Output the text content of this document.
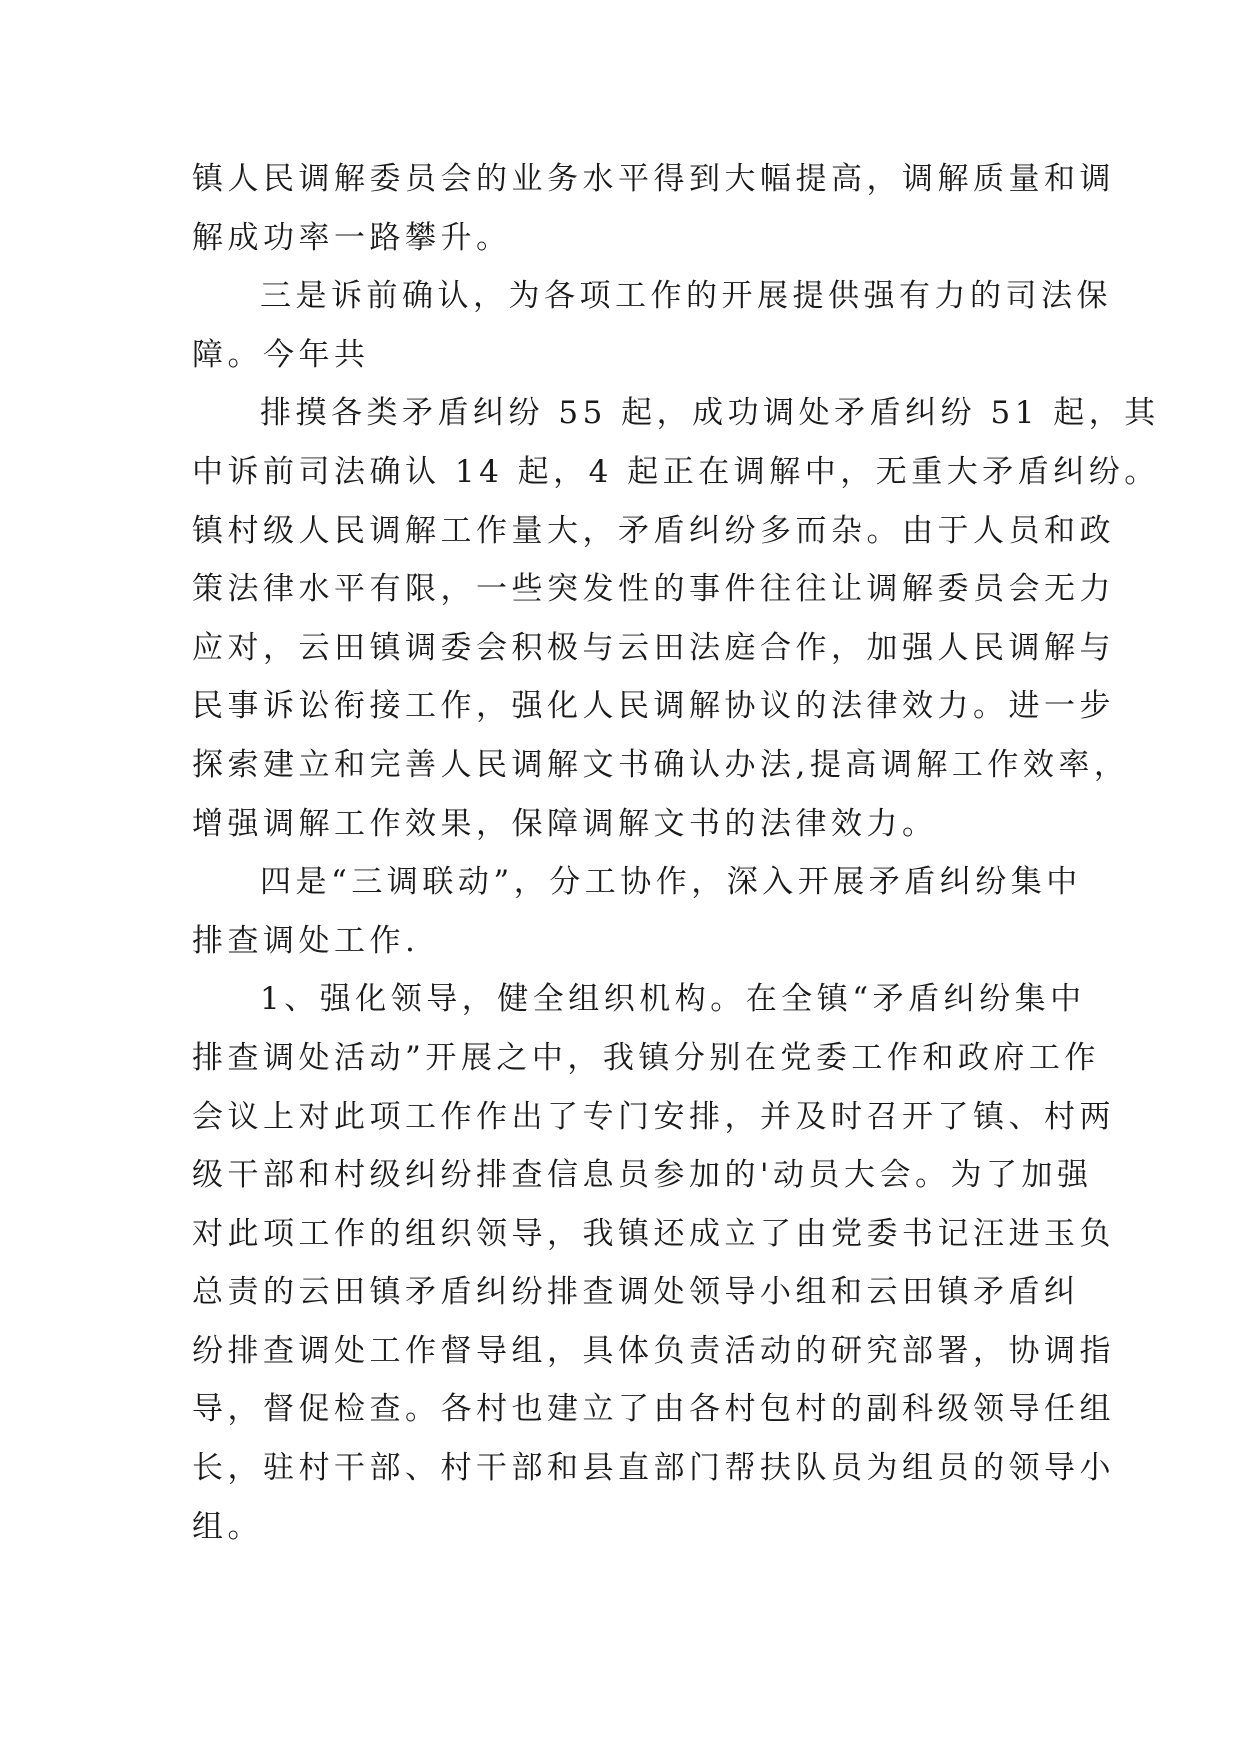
镇人民调解委员会的业务水平得到大幅提高，调解质量和调
解成功率一路攀升。
三是诉前确认，为各项工作的开展提供强有力的司法保
障。今年共
排摸各类矛盾纠纷 55 起，成功调处矛盾纠纷 51 起，其
中诉前司法确认 14 起，4 起正在调解中，无重大矛盾纠纷。
镇村级人民调解工作量大，矛盾纠纷多而杂。由于人员和政
策法律水平有限，一些突发性的事件往往让调解委员会无力
应对，云田镇调委会积极与云田法庭合作，加强人民调解与
民事诉讼衔接工作，强化人民调解协议的法律效力。进一步
探索建立和完善人民调解文书确认办法,提高调解工作效率，
增强调解工作效果，保障调解文书的法律效力。
四是“三调联动”，分工协作，深入开展矛盾纠纷集中
排查调处工作.
1、强化领导，健全组织机构。在全镇“矛盾纠纷集中
排查调处活动”开展之中，我镇分别在党委工作和政府工作
会议上对此项工作作出了专门安排，并及时召开了镇、村两
级干部和村级纠纷排查信息员参加的'动员大会。为了加强
对此项工作的组织领导，我镇还成立了由党委书记汪进玉负
总责的云田镇矛盾纠纷排查调处领导小组和云田镇矛盾纠
纷排查调处工作督导组，具体负责活动的研究部署，协调指
导，督促检查。各村也建立了由各村包村的副科级领导任组
长，驻村干部、村干部和县直部门帮扶队员为组员的领导小
组。
